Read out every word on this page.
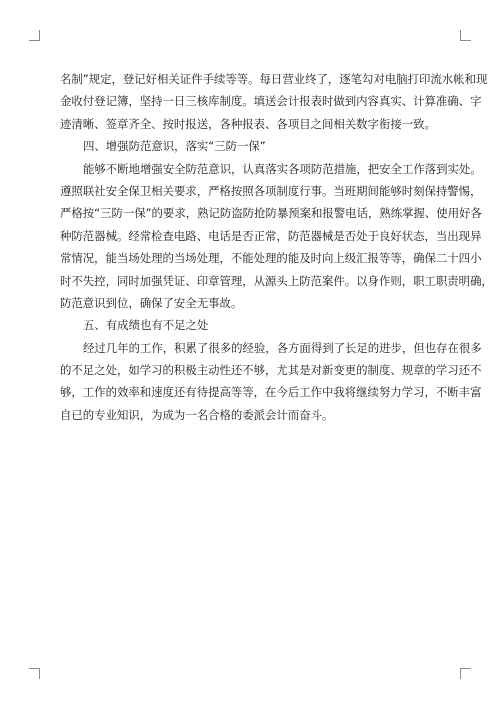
名制”规定，登记好相关证件手续等等。每日营业终了，逐笔勾对电脑打印流水帐和现
金收付登记簿，坚持一日三核库制度。填送会计报表时做到内容真实、计算准确、字
迹清晰、签章齐全、按时报送，各种报表、各项目之间相关数字衔接一致。
四、增强防范意识，落实“三防一保”
能够不断地增强安全防范意识，认真落实各项防范措施，把安全工作落到实处。
遵照联社安全保卫相关要求，严格按照各项制度行事。当班期间能够时刻保持警惕，
严格按“三防一保”的要求，熟记防盗防抢防暴预案和报警电话，熟练掌握、使用好各
种防范器械。经常检查电路、电话是否正常，防范器械是否处于良好状态，当出现异
常情况，能当场处理的当场处理，不能处理的能及时向上级汇报等等，确保二十四小
时不失控，同时加强凭证、印章管理，从源头上防范案件。以身作则，职工职责明确，
防范意识到位，确保了安全无事故。
五、有成绩也有不足之处
经过几年的工作，积累了很多的经验，各方面得到了长足的进步，但也存在很多
的不足之处，如学习的积极主动性还不够，尤其是对新变更的制度、规章的学习还不
够，工作的效率和速度还有待提高等等，在今后工作中我将继续努力学习，不断丰富
自已的专业知识，为成为一名合格的委派会计而奋斗。
